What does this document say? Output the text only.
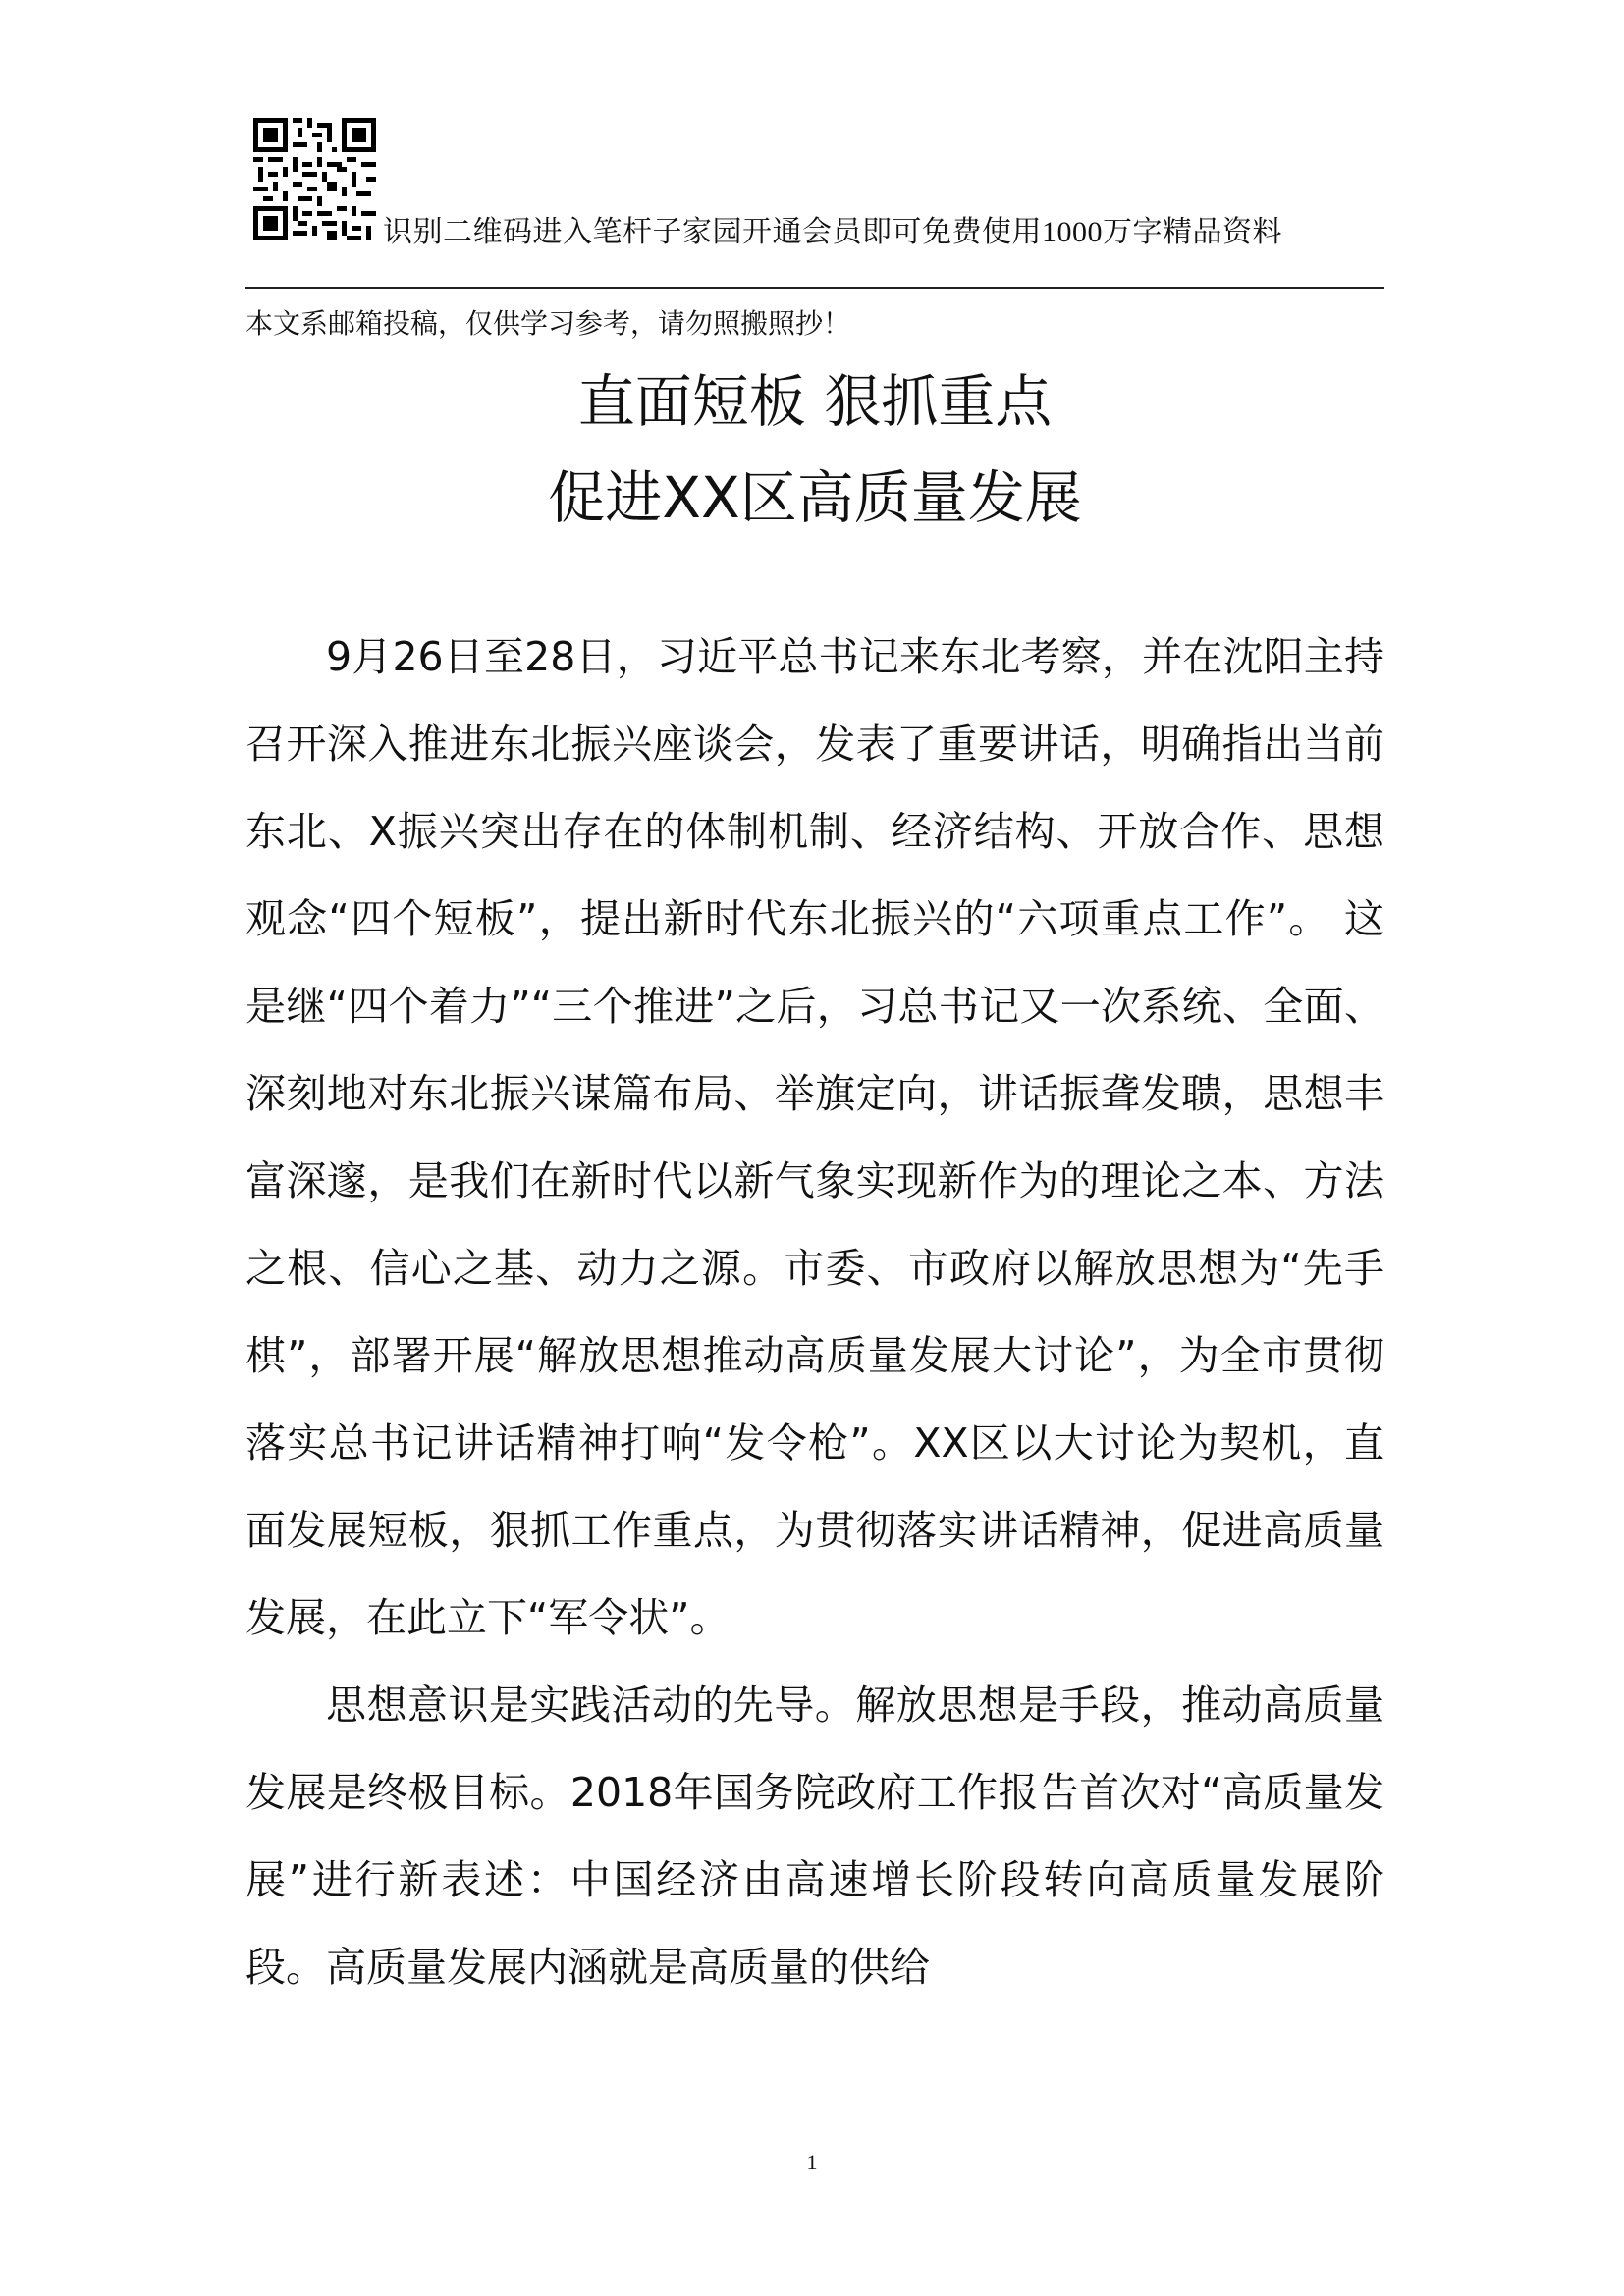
识别二维码进入笔杆子家园开通会员即可免费使用1000万字精品资料
本文系邮箱投稿，仅供学习参考，请勿照搬照抄！
直面短板 狠抓重点
促进XX区高质量发展

9月26日至28日，习近平总书记来东北考察，并在沈阳主持召开深入推进东北振兴座谈会，发表了重要讲话，明确指出当前东北、X振兴突出存在的体制机制、经济结构、开放合作、思想观念“四个短板”，提出新时代东北振兴的“六项重点工作”。 这是继“四个着力”“三个推进”之后，习总书记又一次系统、全面、深刻地对东北振兴谋篇布局、举旗定向，讲话振聋发聩，思想丰富深邃，是我们在新时代以新气象实现新作为的理论之本、方法之根、信心之基、动力之源。市委、市政府以解放思想为“先手棋”，部署开展“解放思想推动高质量发展大讨论”，为全市贯彻落实总书记讲话精神打响“发令枪”。XX区以大讨论为契机，直面发展短板，狠抓工作重点，为贯彻落实讲话精神，促进高质量发展，在此立下“军令状”。

思想意识是实践活动的先导。解放思想是手段，推动高质量发展是终极目标。2018年国务院政府工作报告首次对“高质量发展”进行新表述：中国经济由高速增长阶段转向高质量发展阶段。高质量发展内涵就是高质量的供给

1
